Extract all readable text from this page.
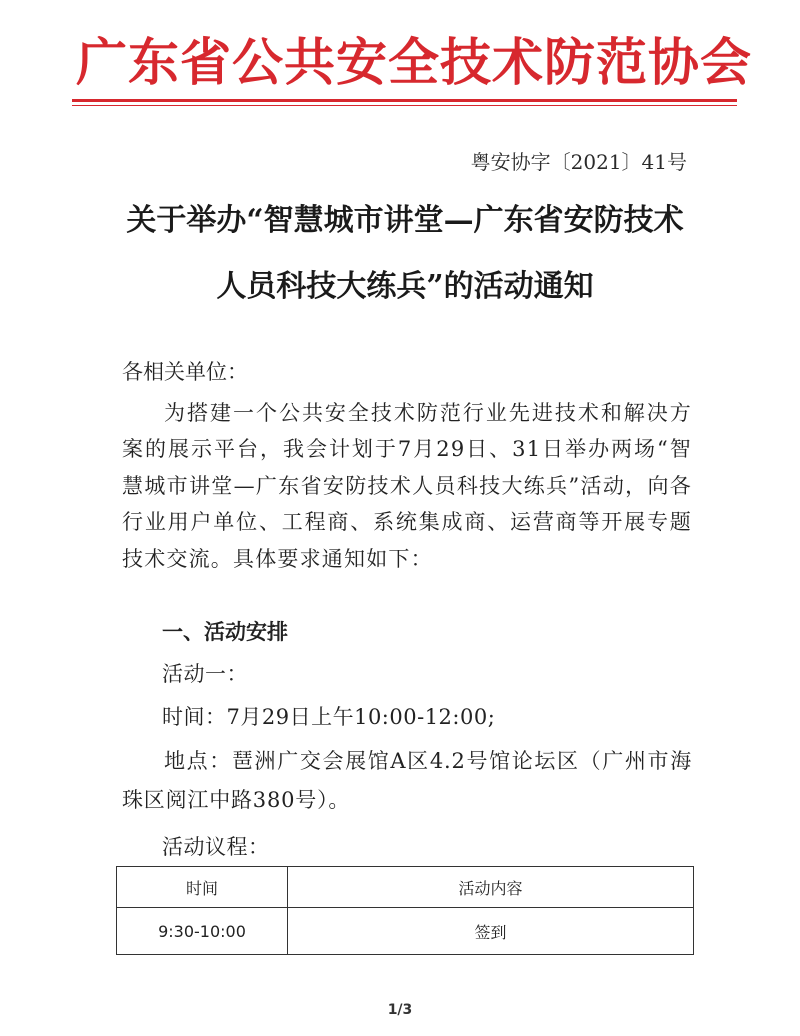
广东省公共安全技术防范协会
粤安协字〔2021〕41号
关于举办“智慧城市讲堂—广东省安防技术
人员科技大练兵”的活动通知
各相关单位：
为搭建一个公共安全技术防范行业先进技术和解决方案的展示平台，我会计划于7月29日、31日举办两场“智慧城市讲堂—广东省安防技术人员科技大练兵”活动，向各行业用户单位、工程商、系统集成商、运营商等开展专题技术交流。具体要求通知如下：
一、活动安排
活动一：
时间：7月29日上午10:00-12:00;
地点：琶洲广交会展馆A区4.2号馆论坛区（广州市海珠区阅江中路380号）。
活动议程：
时间	活动内容
9:30-10:00	签到
1/3
